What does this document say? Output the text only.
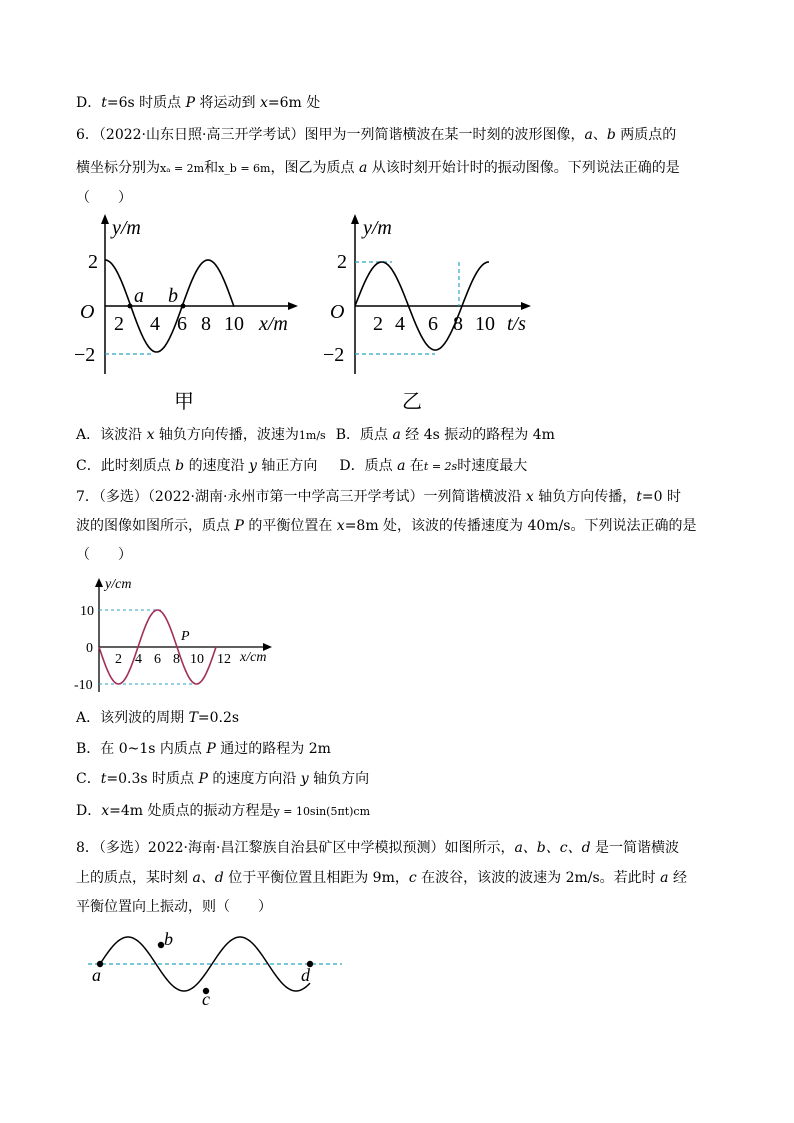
D．t=6s 时质点 P 将运动到 x=6m 处
6．（2022·山东日照·高三开学考试）图甲为一列简谐横波在某一时刻的波形图像，a、b 两质点的
横坐标分别为xₐ = 2m和x_b = 6m，图乙为质点 a 从该时刻开始计时的振动图像。下列说法正确的是
（　　）
y/m
2
−2
O
a b
2 4 6 8 10 x/m
甲
y/m
2
−2
O
2 4 6 8 10 t/s
乙
A．该波沿 x 轴负方向传播，波速为1m/s B．质点 a 经 4s 振动的路程为 4m
C．此时刻质点 b 的速度沿 y 轴正方向 D．质点 a 在t = 2s时速度最大
7．（多选）（2022·湖南·永州市第一中学高三开学考试）一列简谐横波沿 x 轴负方向传播，t=0 时
波的图像如图所示，质点 P 的平衡位置在 x=8m 处，该波的传播速度为 40m/s。下列说法正确的是
（　　）
y/cm
10
0
-10
P
2 4 6 8 10 12 x/cm
A．该列波的周期 T=0.2s
B．在 0~1s 内质点 P 通过的路程为 2m
C．t=0.3s 时质点 P 的速度方向沿 y 轴负方向
D．x=4m 处质点的振动方程是y = 10sin(5πt)cm
8．（多选）2022·海南·昌江黎族自治县矿区中学模拟预测）如图所示，a、b、c、d 是一简谐横波
上的质点，某时刻 a、d 位于平衡位置且相距为 9m，c 在波谷，该波的波速为 2m/s。若此时 a 经
平衡位置向上振动，则（　　）
a
b
c
d
